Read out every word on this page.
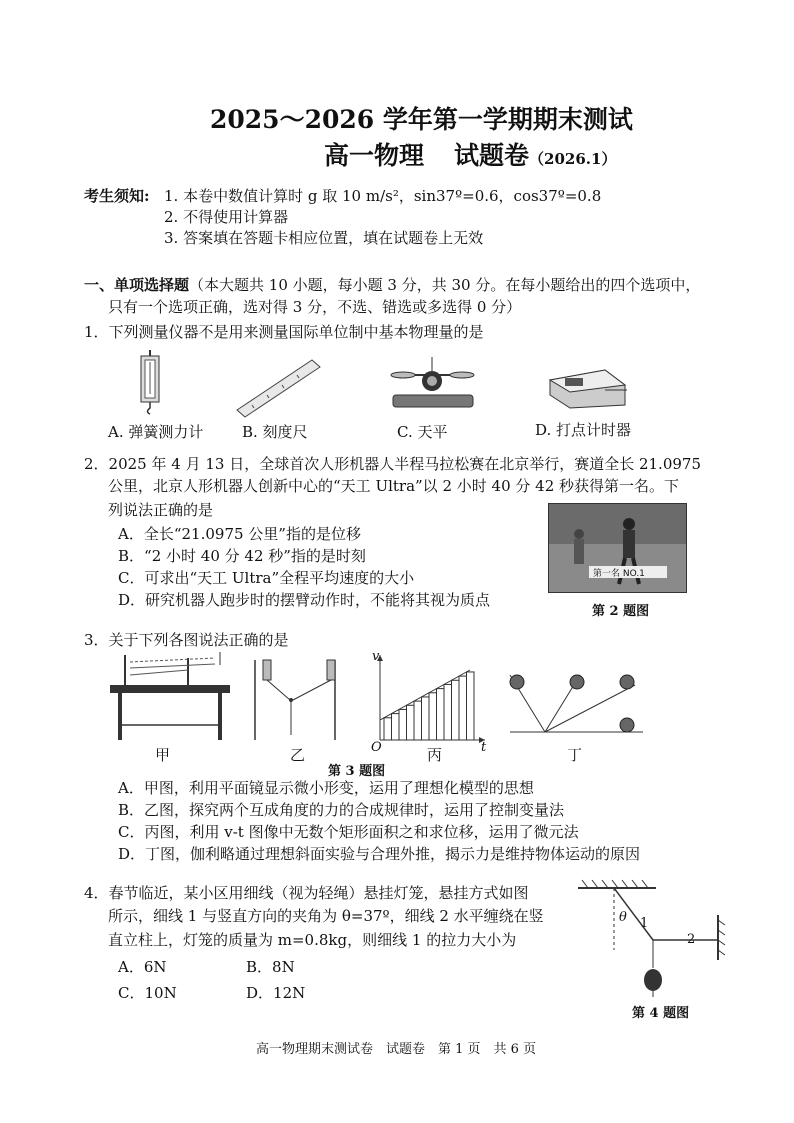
2025～2026 学年第一学期期末测试
高一物理 试题卷（2026.1）
考生须知: 1. 本卷中数值计算时 g 取 10 m/s²，sin37º=0.6，cos37º=0.8
2. 不得使用计算器
3. 答案填在答题卡相应位置，填在试题卷上无效
一、单项选择题（本大题共 10 小题，每小题 3 分，共 30 分。在每小题给出的四个选项中，
只有一个选项正确，选对得 3 分，不选、错选或多选得 0 分）
1．下列测量仪器不是用来测量国际单位制中基本物理量的是
A. 弹簧测力计	B. 刻度尺	C. 天平	D. 打点计时器
2．2025 年 4 月 13 日，全球首次人形机器人半程马拉松赛在北京举行，赛道全长 21.0975
公里，北京人形机器人创新中心的“天工 Ultra”以 2 小时 40 分 42 秒获得第一名。下
列说法正确的是
A．全长“21.0975 公里”指的是位移
B．“2 小时 40 分 42 秒”指的是时刻
C．可求出“天工 Ultra”全程平均速度的大小
D．研究机器人跑步时的摆臂动作时，不能将其视为质点
第一名 NO.1
第 2 题图
3．关于下列各图说法正确的是
v
t
O
甲	乙	丙	丁
第 3 题图
A．甲图，利用平面镜显示微小形变，运用了理想化模型的思想
B．乙图，探究两个互成角度的力的合成规律时，运用了控制变量法
C．丙图，利用 v-t 图像中无数个矩形面积之和求位移，运用了微元法
D．丁图，伽利略通过理想斜面实验与合理外推，揭示力是维持物体运动的原因
4．春节临近，某小区用细线（视为轻绳）悬挂灯笼，悬挂方式如图
所示，细线 1 与竖直方向的夹角为 θ=37º，细线 2 水平缠绕在竖
直立柱上，灯笼的质量为 m=0.8kg，则细线 1 的拉力大小为
A．6N	B．8N
C．10N	D．12N
θ 1
2
第 4 题图
高一物理期末测试卷　试题卷　第 1 页　共 6 页
